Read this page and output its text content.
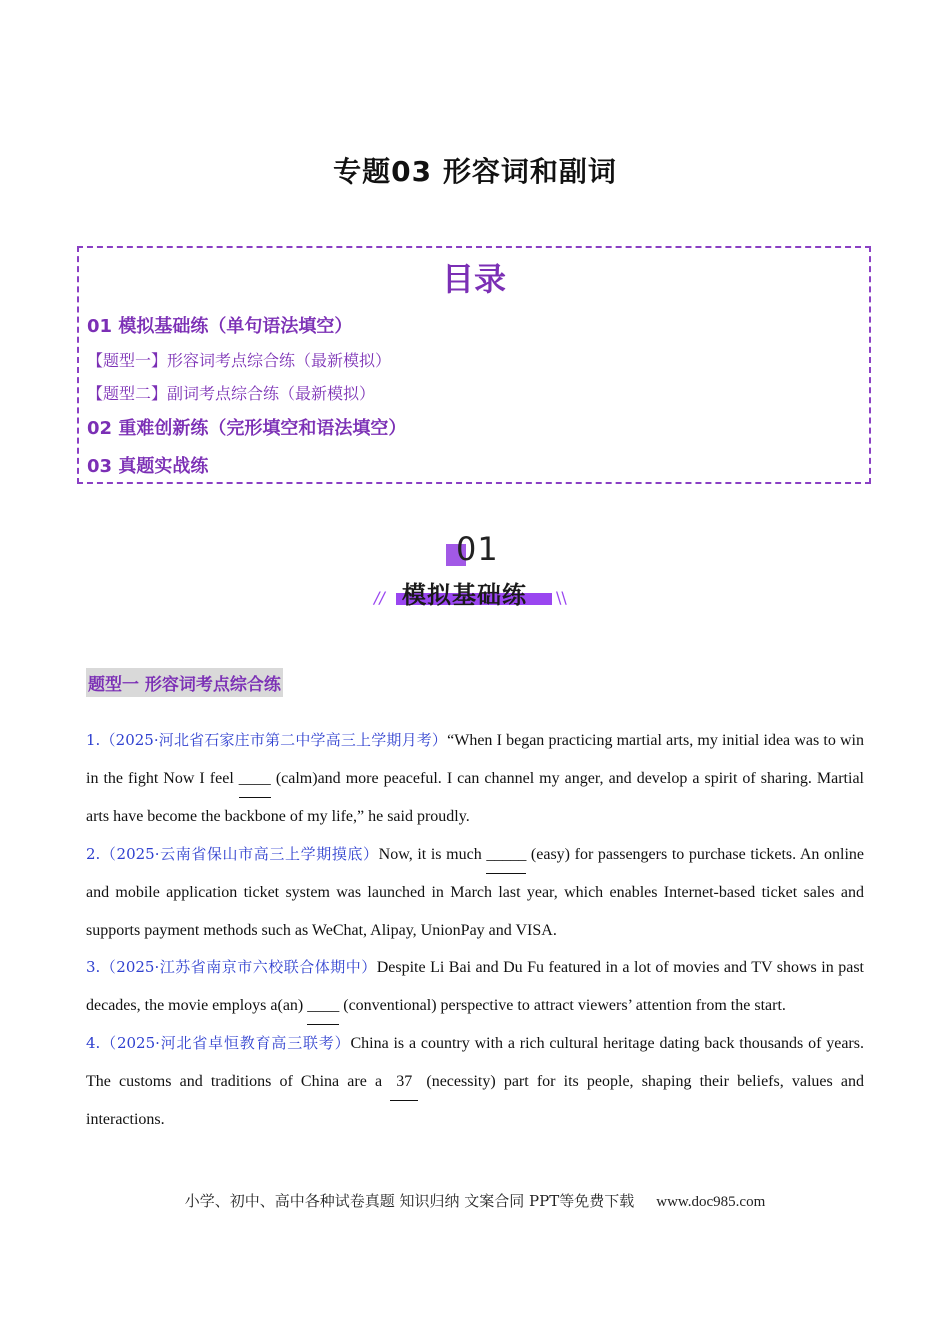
专题03 形容词和副词
目录
01 模拟基础练（单句语法填空）
【题型一】形容词考点综合练（最新模拟）
【题型二】副词考点综合练（最新模拟）
02 重难创新练（完形填空和语法填空）
03 真题实战练
01
模拟基础练
//	\\
题型一 形容词考点综合练

1.（2025·河北省石家庄市第二中学高三上学期月考）“When I began practicing martial arts, my initial idea was to win in the fight Now I feel ____ (calm)and more peaceful. I can channel my anger, and develop a spirit of sharing. Martial arts have become the backbone of my life,” he said proudly.

2.（2025·云南省保山市高三上学期摸底）Now, it is much _____ (easy) for passengers to purchase tickets. An online and mobile application ticket system was launched in March last year, which enables Internet-based ticket sales and supports payment methods such as WeChat, Alipay, UnionPay and VISA.

3.（2025·江苏省南京市六校联合体期中）Despite Li Bai and Du Fu featured in a lot of movies and TV shows in past decades, the movie employs a(an) ____ (conventional) perspective to attract viewers’ attention from the start.

4.（2025·河北省卓恒教育高三联考）China is a country with a rich cultural heritage dating back thousands of years. The customs and traditions of China are a 37 (necessity) part for its people, shaping their beliefs, values and interactions.

小学、初中、高中各种试卷真题 知识归纳 文案合同 PPT等免费下载 www.doc985.com
